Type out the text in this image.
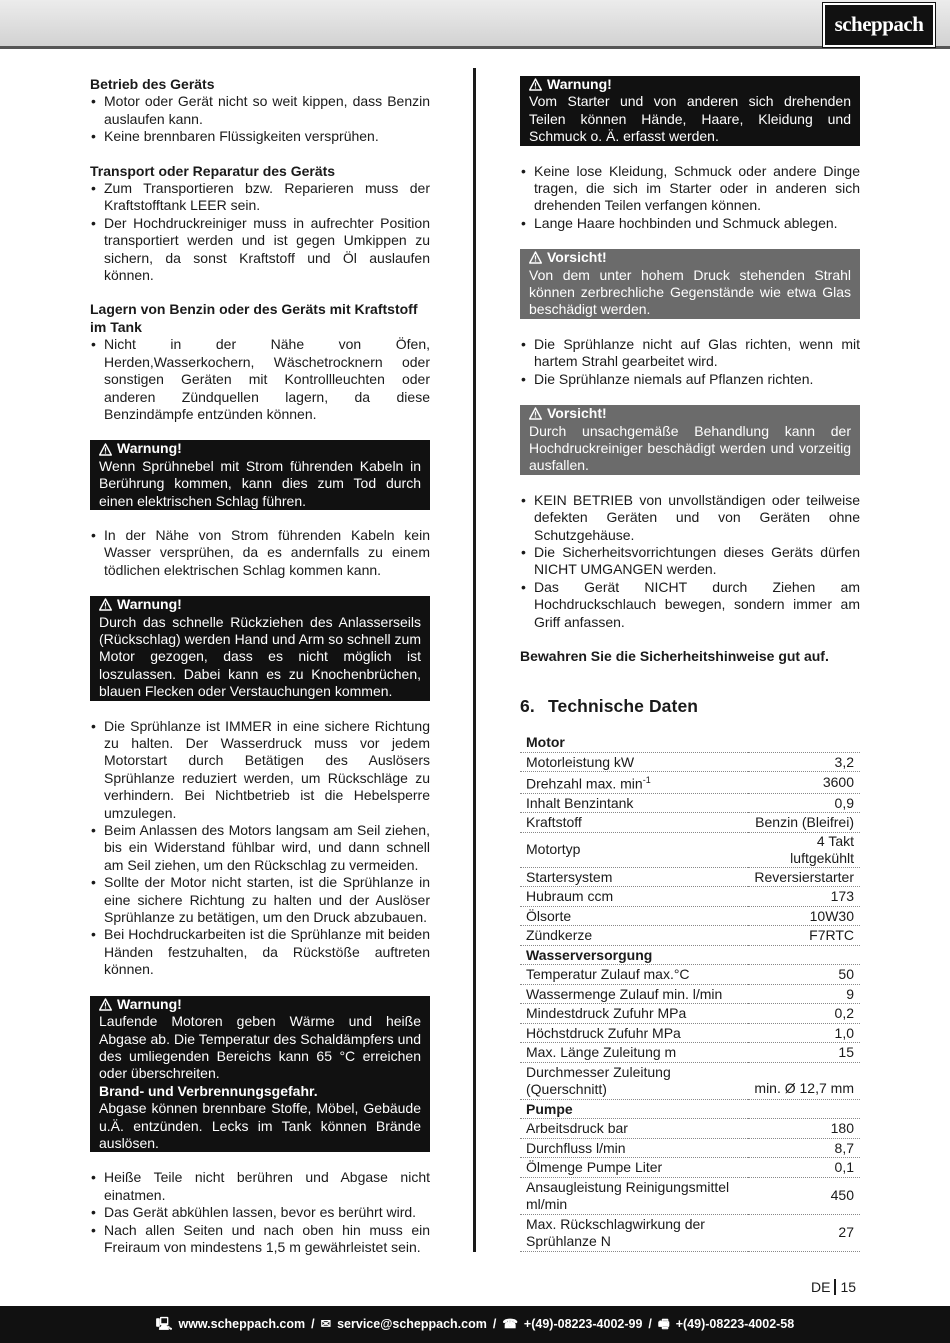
scheppach
Betrieb des Geräts
• Motor oder Gerät nicht so weit kippen, dass Benzin auslaufen kann.
• Keine brennbaren Flüssigkeiten versprühen.
Transport oder Reparatur des Geräts
• Zum Transportieren bzw. Reparieren muss der Kraftstofftank LEER sein.
• Der Hochdruckreiniger muss in aufrechter Position transportiert werden und ist gegen Umkippen zu sichern, da sonst Kraftstoff und Öl auslaufen können.
Lagern von Benzin oder des Geräts mit Kraftstoff im Tank
• Nicht in der Nähe von Öfen, Herden,Wasserkochern, Wäschetrocknern oder sonstigen Geräten mit Kontrollleuchten oder anderen Zündquellen lagern, da diese Benzindämpfe entzünden können.
Warnung!
Wenn Sprühnebel mit Strom führenden Kabeln in Berührung kommen, kann dies zum Tod durch einen elektrischen Schlag führen.
• In der Nähe von Strom führenden Kabeln kein Wasser versprühen, da es andernfalls zu einem tödlichen elektrischen Schlag kommen kann.
Warnung!
Durch das schnelle Rückziehen des Anlasserseils (Rückschlag) werden Hand und Arm so schnell zum Motor gezogen, dass es nicht möglich ist loszulassen. Dabei kann es zu Knochenbrüchen, blauen Flecken oder Verstauchungen kommen.
• Die Sprühlanze ist IMMER in eine sichere Richtung zu halten. Der Wasserdruck muss vor jedem Motorstart durch Betätigen des Auslösers Sprühlanze reduziert werden, um Rückschläge zu verhindern. Bei Nichtbetrieb ist die Hebelsperre umzulegen.
• Beim Anlassen des Motors langsam am Seil ziehen, bis ein Widerstand fühlbar wird, und dann schnell am Seil ziehen, um den Rückschlag zu vermeiden.
• Sollte der Motor nicht starten, ist die Sprühlanze in eine sichere Richtung zu halten und der Auslöser Sprühlanze zu betätigen, um den Druck abzubauen.
• Bei Hochdruckarbeiten ist die Sprühlanze mit beiden Händen festzuhalten, da Rückstöße auftreten können.
Warnung!
Laufende Motoren geben Wärme und heiße Abgase ab. Die Temperatur des Schaldämpfers und des umliegenden Bereichs kann 65 °C erreichen oder überschreiten.
Brand- und Verbrennungsgefahr.
Abgase können brennbare Stoffe, Möbel, Gebäude u.Ä. entzünden. Lecks im Tank können Brände auslösen.
• Heiße Teile nicht berühren und Abgase nicht einatmen.
• Das Gerät abkühlen lassen, bevor es berührt wird.
• Nach allen Seiten und nach oben hin muss ein Freiraum von mindestens 1,5 m gewährleistet sein.
Warnung!
Vom Starter und von anderen sich drehenden Teilen können Hände, Haare, Kleidung und Schmuck o. Ä. erfasst werden.
• Keine lose Kleidung, Schmuck oder andere Dinge tragen, die sich im Starter oder in anderen sich drehenden Teilen verfangen können.
• Lange Haare hochbinden und Schmuck ablegen.
Vorsicht!
Von dem unter hohem Druck stehenden Strahl können zerbrechliche Gegenstände wie etwa Glas beschädigt werden.
• Die Sprühlanze nicht auf Glas richten, wenn mit hartem Strahl gearbeitet wird.
• Die Sprühlanze niemals auf Pflanzen richten.
Vorsicht!
Durch unsachgemäße Behandlung kann der Hochdruckreiniger beschädigt werden und vorzeitig ausfallen.
• KEIN BETRIEB von unvollständigen oder teilweise defekten Geräten und von Geräten ohne Schutzgehäuse.
• Die Sicherheitsvorrichtungen dieses Geräts dürfen NICHT UMGANGEN werden.
• Das Gerät NICHT durch Ziehen am Hochdruckschlauch bewegen, sondern immer am Griff anfassen.
Bewahren Sie die Sicherheitshinweise gut auf.
6. Technische Daten
Motor	
Motorleistung kW	3,2
Drehzahl max. $\min^{-1}$	3600
Inhalt Benzintank	0,9
Kraftstoff	Benzin (Bleifrei)
Motortyp	4 Takt luftgekühlt
Startersystem	Reversierstarter
Hubraum ccm	173
Ölsorte	10W30
Zündkerze	F7RTC
Wasserversorgung	
Temperatur Zulauf max.°C	50
Wassermenge Zulauf min. l/min	9
Mindestdruck Zufuhr MPa	0,2
Höchstdruck Zufuhr MPa	1,0
Max. Länge Zuleitung m	15
Durchmesser Zuleitung (Querschnitt)	min. Ø 12,7 mm
Pumpe	
Arbeitsdruck bar	180
Durchfluss l/min	8,7
Ölmenge Pumpe Liter	0,1
Ansaugleistung Reinigungsmittel ml/min	450
Max. Rückschlagwirkung der Sprühlanze N	27
DE 15
🖳 www.scheppach.com / ✉ service@scheppach.com / ☎ +(49)-08223-4002-99 / 🖷 +(49)-08223-4002-58
